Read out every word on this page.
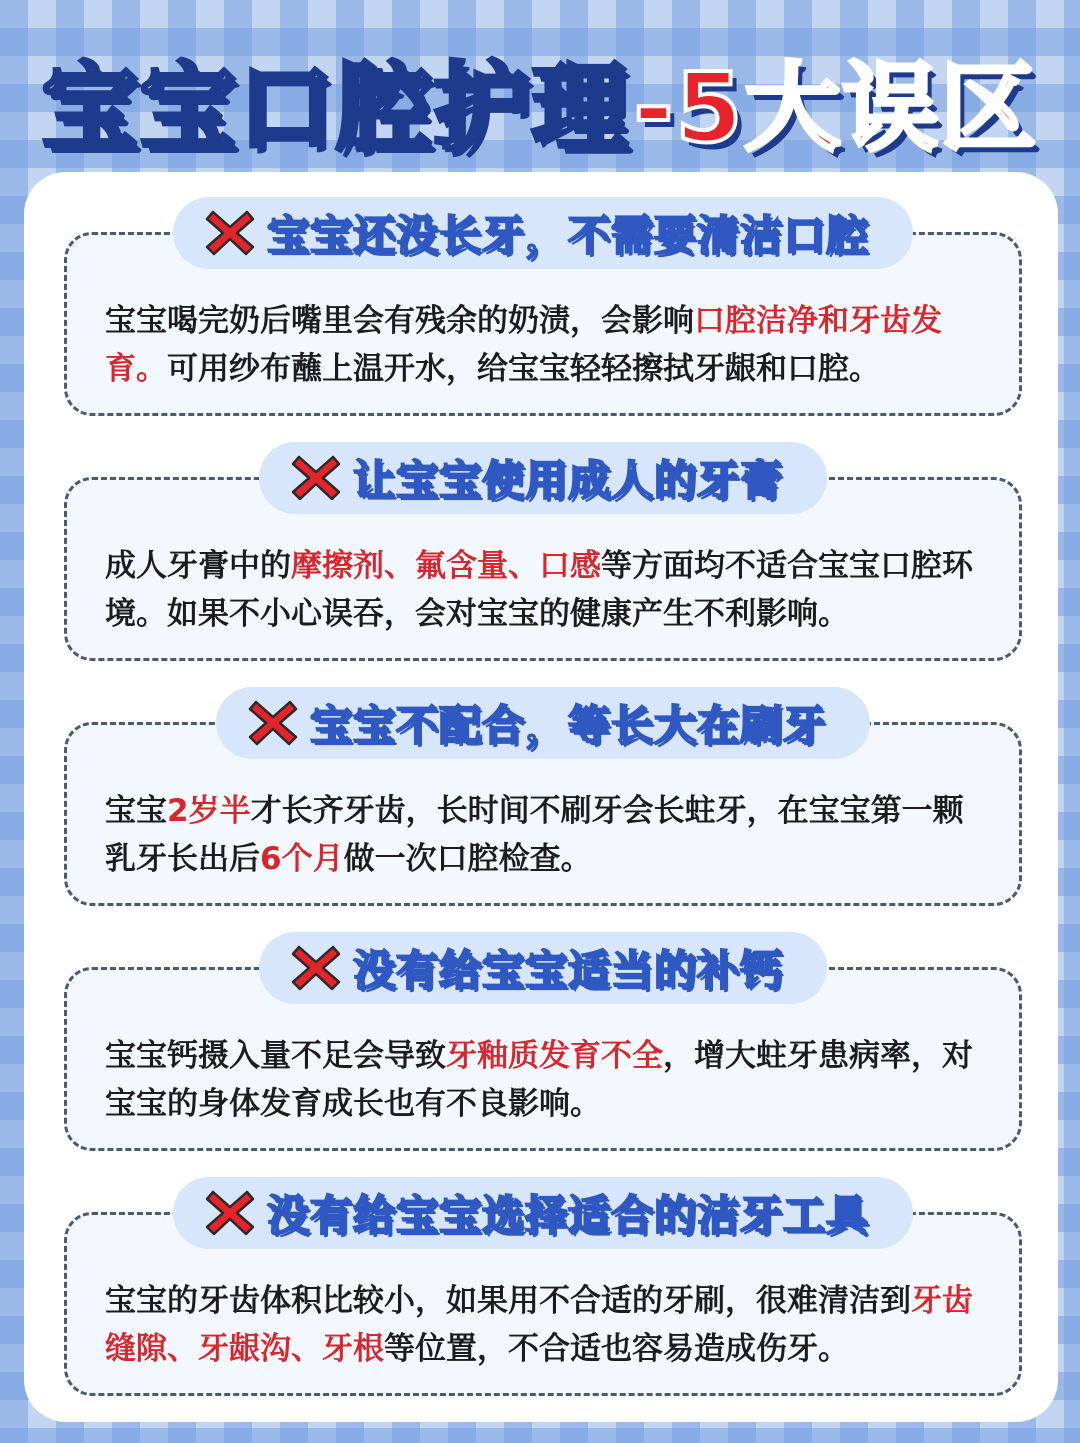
宝宝口腔护理 -5大误区
宝宝还没长牙，不需要清洁口腔

宝宝喝完奶后嘴里会有残余的奶渍，会影响口腔洁净和牙齿发育。可用纱布蘸上温开水，给宝宝轻轻擦拭牙龈和口腔。

让宝宝使用成人的牙膏

成人牙膏中的摩擦剂、氟含量、口感等方面均不适合宝宝口腔环境。如果不小心误吞，会对宝宝的健康产生不利影响。

宝宝不配合，等长大在刷牙

宝宝2岁半才长齐牙齿，长时间不刷牙会长蛀牙，在宝宝第一颗乳牙长出后6个月做一次口腔检查。

没有给宝宝适当的补钙

宝宝钙摄入量不足会导致牙釉质发育不全，增大蛀牙患病率，对宝宝的身体发育成长也有不良影响。

没有给宝宝选择适合的洁牙工具

宝宝的牙齿体积比较小，如果用不合适的牙刷，很难清洁到牙齿缝隙、牙龈沟、牙根等位置，不合适也容易造成伤牙。
